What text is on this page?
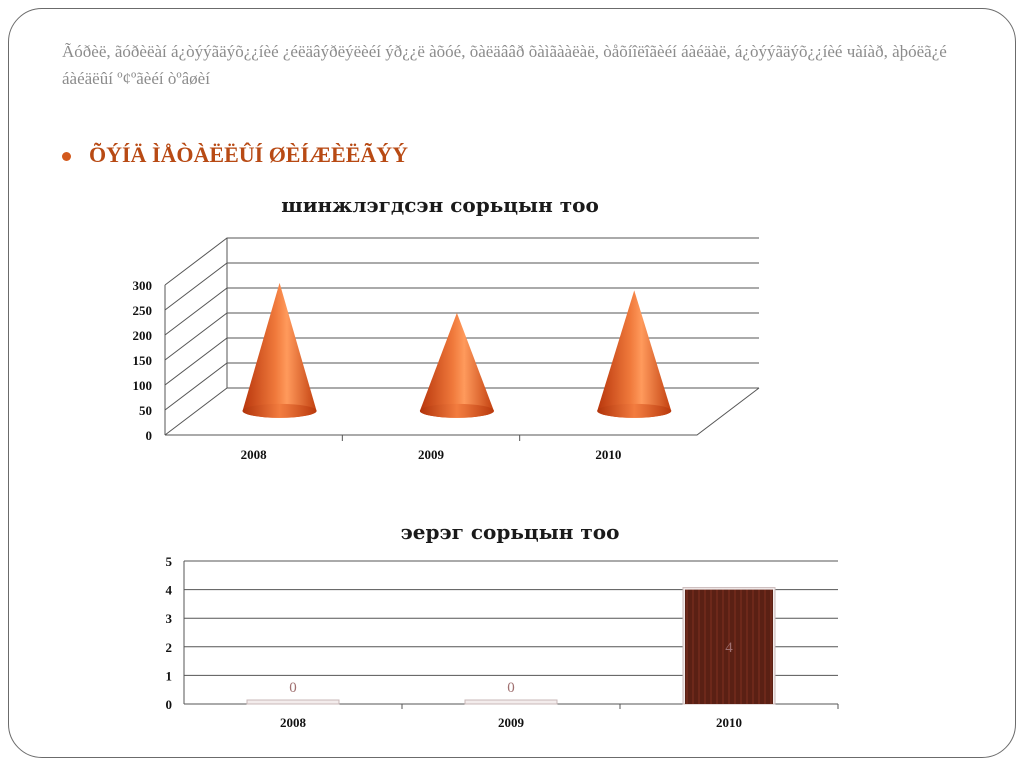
Ãóðèë, ãóðèëàí á¿òýýãäýõ¿¿íèé ¿éëäâýðëýëèéí ýð¿¿ë àõóé, õàëäââð õàìãààëàë, òåõíîëîãèéí áàéäàë, á¿òýýãäýõ¿¿íèé чàíàð, àþóëã¿é áàéäëûí º¢ºãèéí òºâøèí

ÕÝÍÄ ÌÅÒÀËËÛÍ ØÈÍÆÈËÃÝÝ
шинжлэгдсэн сорьцын тоо
0
50
100
150
200
250
300
2008	2009	2010
эерэг сорьцын тоо
0
1
2
3
4
5
2008
0
2009
0
2010
4
